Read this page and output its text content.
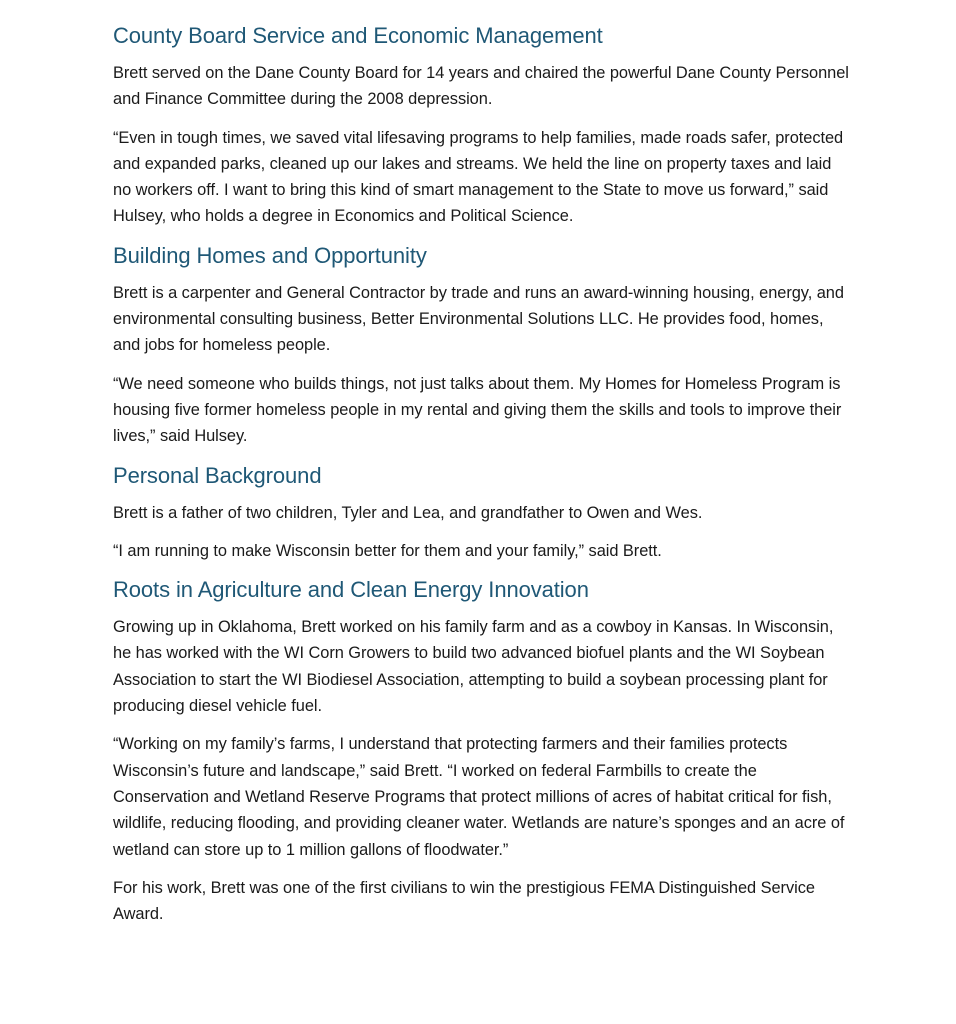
County Board Service and Economic Management

Brett served on the Dane County Board for 14 years and chaired the powerful Dane County Personnel and Finance Committee during the 2008 depression.

“Even in tough times, we saved vital lifesaving programs to help families, made roads safer, protected and expanded parks, cleaned up our lakes and streams. We held the line on property taxes and laid no workers off. I want to bring this kind of smart management to the State to move us forward,” said Hulsey, who holds a degree in Economics and Political Science.

Building Homes and Opportunity

Brett is a carpenter and General Contractor by trade and runs an award-winning housing, energy, and environmental consulting business, Better Environmental Solutions LLC. He provides food, homes, and jobs for homeless people.

“We need someone who builds things, not just talks about them. My Homes for Homeless Program is housing five former homeless people in my rental and giving them the skills and tools to improve their lives,” said Hulsey.

Personal Background

Brett is a father of two children, Tyler and Lea, and grandfather to Owen and Wes.

“I am running to make Wisconsin better for them and your family,” said Brett.

Roots in Agriculture and Clean Energy Innovation

Growing up in Oklahoma, Brett worked on his family farm and as a cowboy in Kansas. In Wisconsin, he has worked with the WI Corn Growers to build two advanced biofuel plants and the WI Soybean Association to start the WI Biodiesel Association, attempting to build a soybean processing plant for producing diesel vehicle fuel.

“Working on my family’s farms, I understand that protecting farmers and their families protects Wisconsin’s future and landscape,” said Brett. “I worked on federal Farmbills to create the Conservation and Wetland Reserve Programs that protect millions of acres of habitat critical for fish, wildlife, reducing flooding, and providing cleaner water. Wetlands are nature’s sponges and an acre of wetland can store up to 1 million gallons of floodwater.”

For his work, Brett was one of the first civilians to win the prestigious FEMA Distinguished Service Award.
